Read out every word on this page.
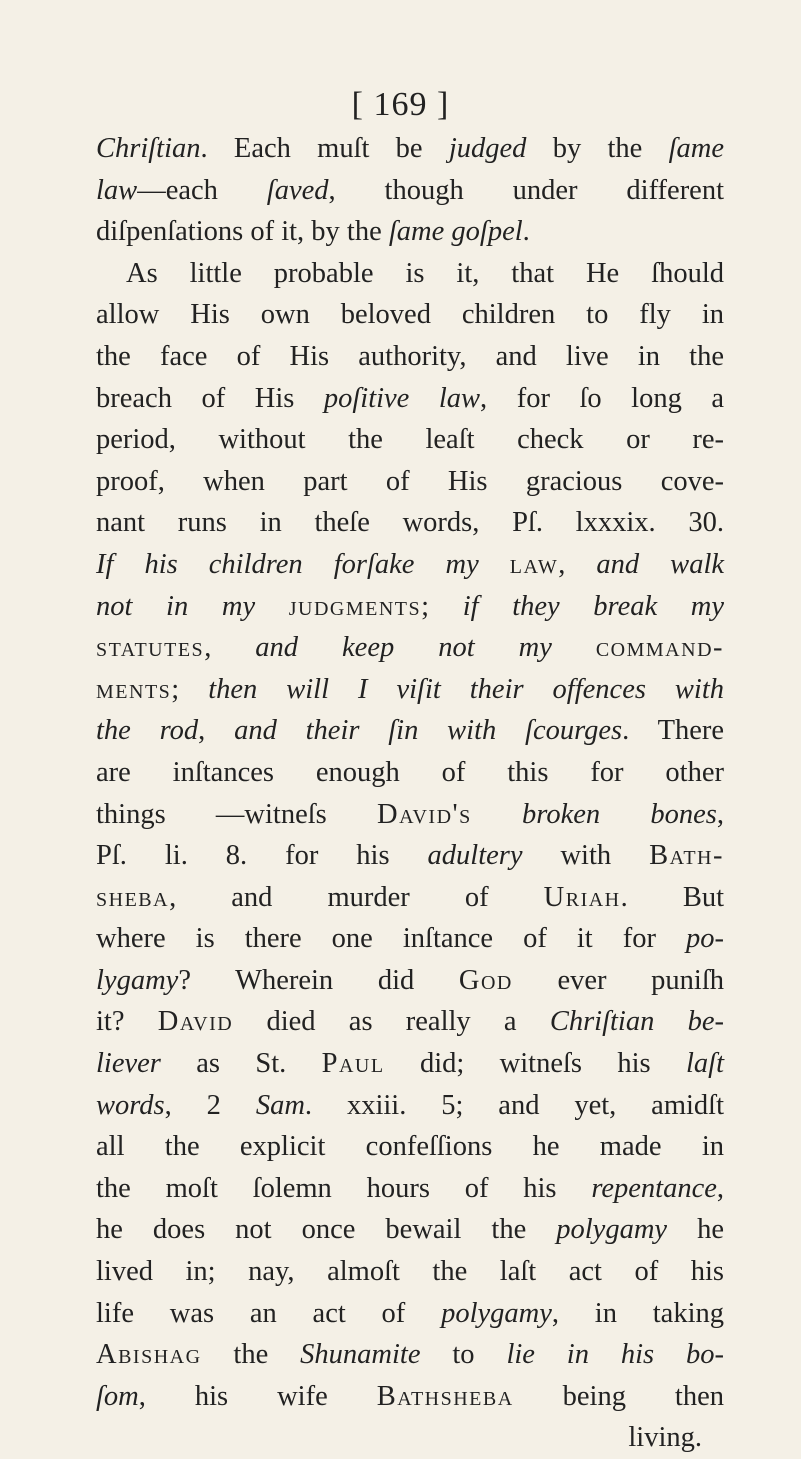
[ 169 ]
Chriſtian. Each muſt be judged by the ſame
law—each ſaved, though under different
diſpenſations of it, by the ſame goſpel.
As little probable is it, that He ſhould
allow His own beloved children to fly in
the face of His authority, and live in the
breach of His poſitive law, for ſo long a
period, without the leaſt check or re-
proof, when part of His gracious cove-
nant runs in theſe words, Pſ. lxxxix. 30.
If his children forſake my law, and walk
not in my judgments; if they break my
statutes, and keep not my command-
ments; then will I viſit their offences with
the rod, and their ſin with ſcourges. There
are inſtances enough of this for other
things —witneſs David's broken bones,
Pſ. li. 8. for his adultery with Bath-
sheba, and murder of Uriah. But
where is there one inſtance of it for po-
lygamy? Wherein did God ever puniſh
it? David died as really a Chriſtian be-
liever as St. Paul did; witneſs his laſt
words, 2 Sam. xxiii. 5; and yet, amidſt
all the explicit confeſſions he made in
the moſt ſolemn hours of his repentance,
he does not once bewail the polygamy he
lived in; nay, almoſt the laſt act of his
life was an act of polygamy, in taking
Abishag the Shunamite to lie in his bo-
ſom, his wife Bathsheba being then
living.
